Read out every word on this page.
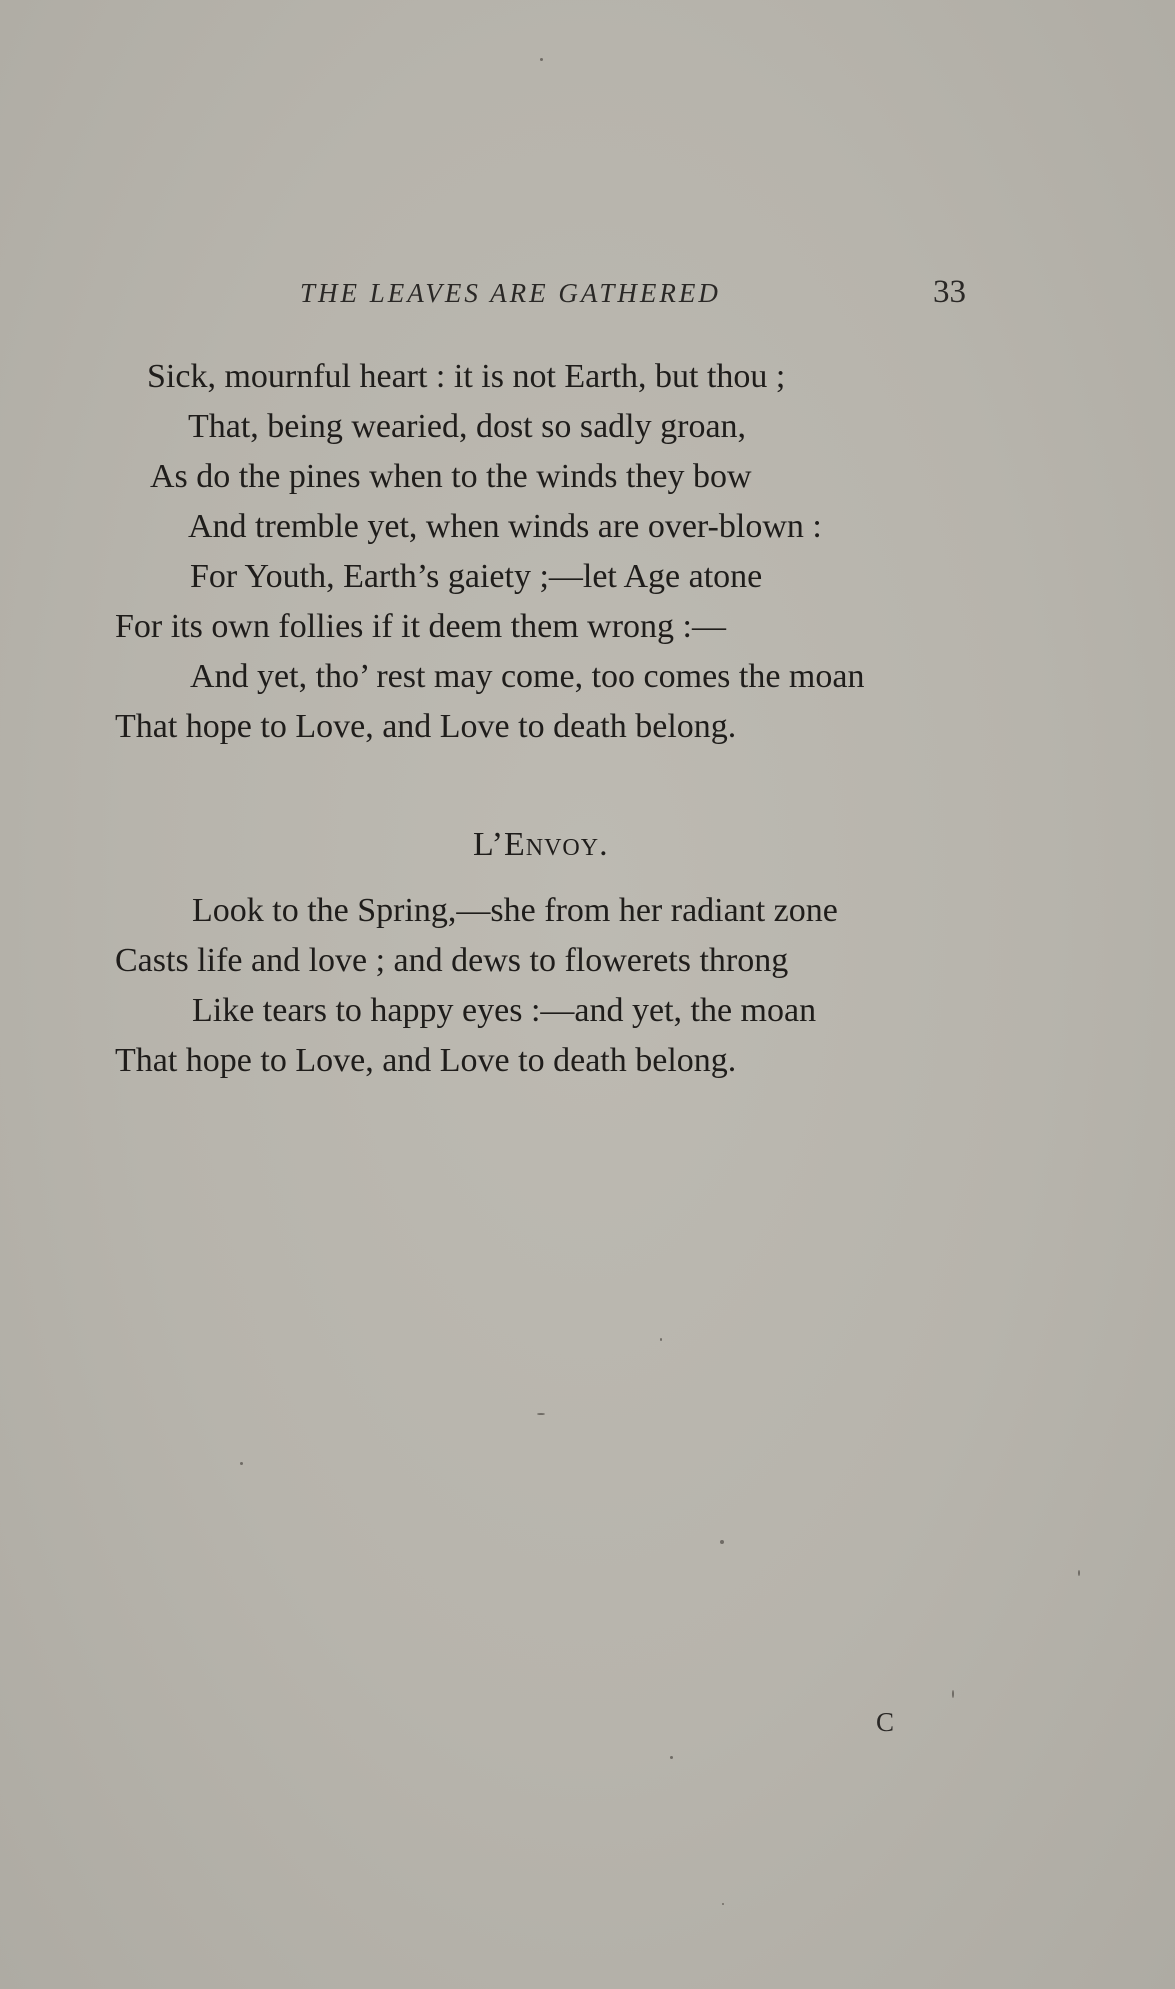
THE LEAVES ARE GATHERED	33
Sick, mournful heart : it is not Earth, but thou ;
That, being wearied, dost so sadly groan,
As do the pines when to the winds they bow
And tremble yet, when winds are over-blown :
For Youth, Earth’s gaiety ;—let Age atone
For its own follies if it deem them wrong :—
And yet, tho’ rest may come, too comes the moan
That hope to Love, and Love to death belong.
L’Envoy.
Look to the Spring,—she from her radiant zone
Casts life and love ; and dews to flowerets throng
Like tears to happy eyes :—and yet, the moan
That hope to Love, and Love to death belong.
C
